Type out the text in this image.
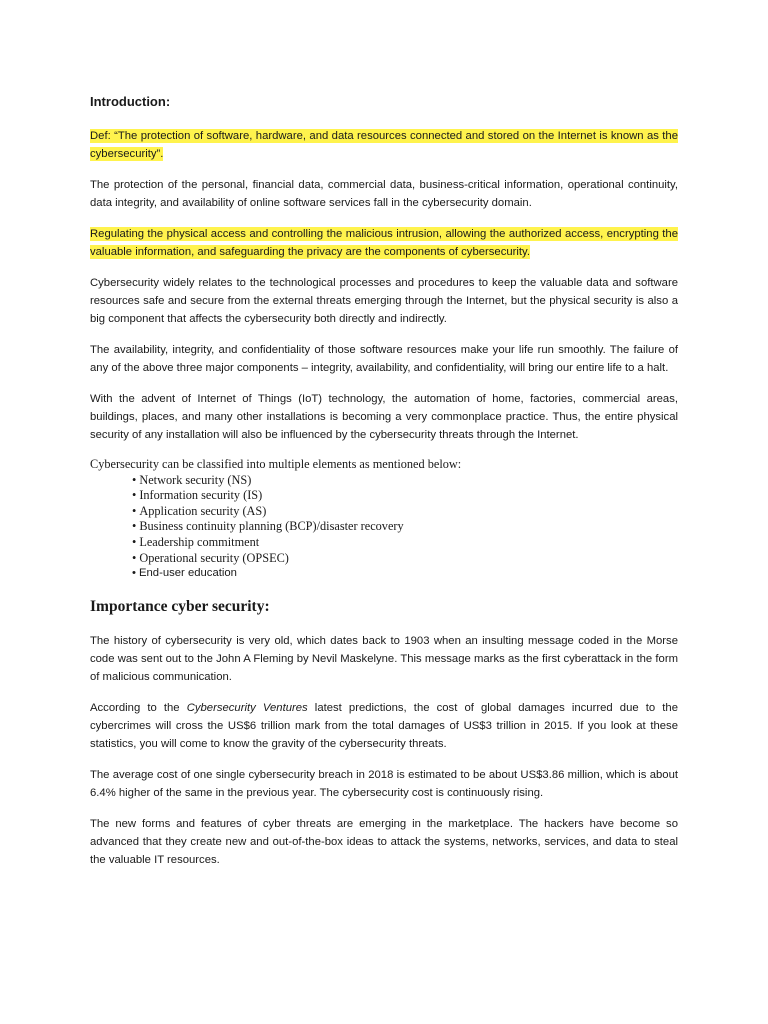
Introduction:

Def: “The protection of software, hardware, and data resources connected and stored on the Internet is known as the cybersecurity”.

The protection of the personal, financial data, commercial data, business-critical information, operational continuity, data integrity, and availability of online software services fall in the cybersecurity domain.

Regulating the physical access and controlling the malicious intrusion, allowing the authorized access, encrypting the valuable information, and safeguarding the privacy are the components of cybersecurity.

Cybersecurity widely relates to the technological processes and procedures to keep the valuable data and software resources safe and secure from the external threats emerging through the Internet, but the physical security is also a big component that affects the cybersecurity both directly and indirectly.

The availability, integrity, and confidentiality of those software resources make your life run smoothly. The failure of any of the above three major components – integrity, availability, and confidentiality, will bring our entire life to a halt.

With the advent of Internet of Things (IoT) technology, the automation of home, factories, commercial areas, buildings, places, and many other installations is becoming a very commonplace practice. Thus, the entire physical security of any installation will also be influenced by the cybersecurity threats through the Internet.

Cybersecurity can be classified into multiple elements as mentioned below:

• Network security (NS)
• Information security (IS)
• Application security (AS)
• Business continuity planning (BCP)/disaster recovery
• Leadership commitment
• Operational security (OPSEC)
• End-user education
Importance cyber security:

The history of cybersecurity is very old, which dates back to 1903 when an insulting message coded in the Morse code was sent out to the John A Fleming by Nevil Maskelyne. This message marks as the first cyberattack in the form of malicious communication.

According to the Cybersecurity Ventures latest predictions, the cost of global damages incurred due to the cybercrimes will cross the US$6 trillion mark from the total damages of US$3 trillion in 2015. If you look at these statistics, you will come to know the gravity of the cybersecurity threats.

The average cost of one single cybersecurity breach in 2018 is estimated to be about US$3.86 million, which is about 6.4% higher of the same in the previous year. The cybersecurity cost is continuously rising.

The new forms and features of cyber threats are emerging in the marketplace. The hackers have become so advanced that they create new and out-of-the-box ideas to attack the systems, networks, services, and data to steal the valuable IT resources.
